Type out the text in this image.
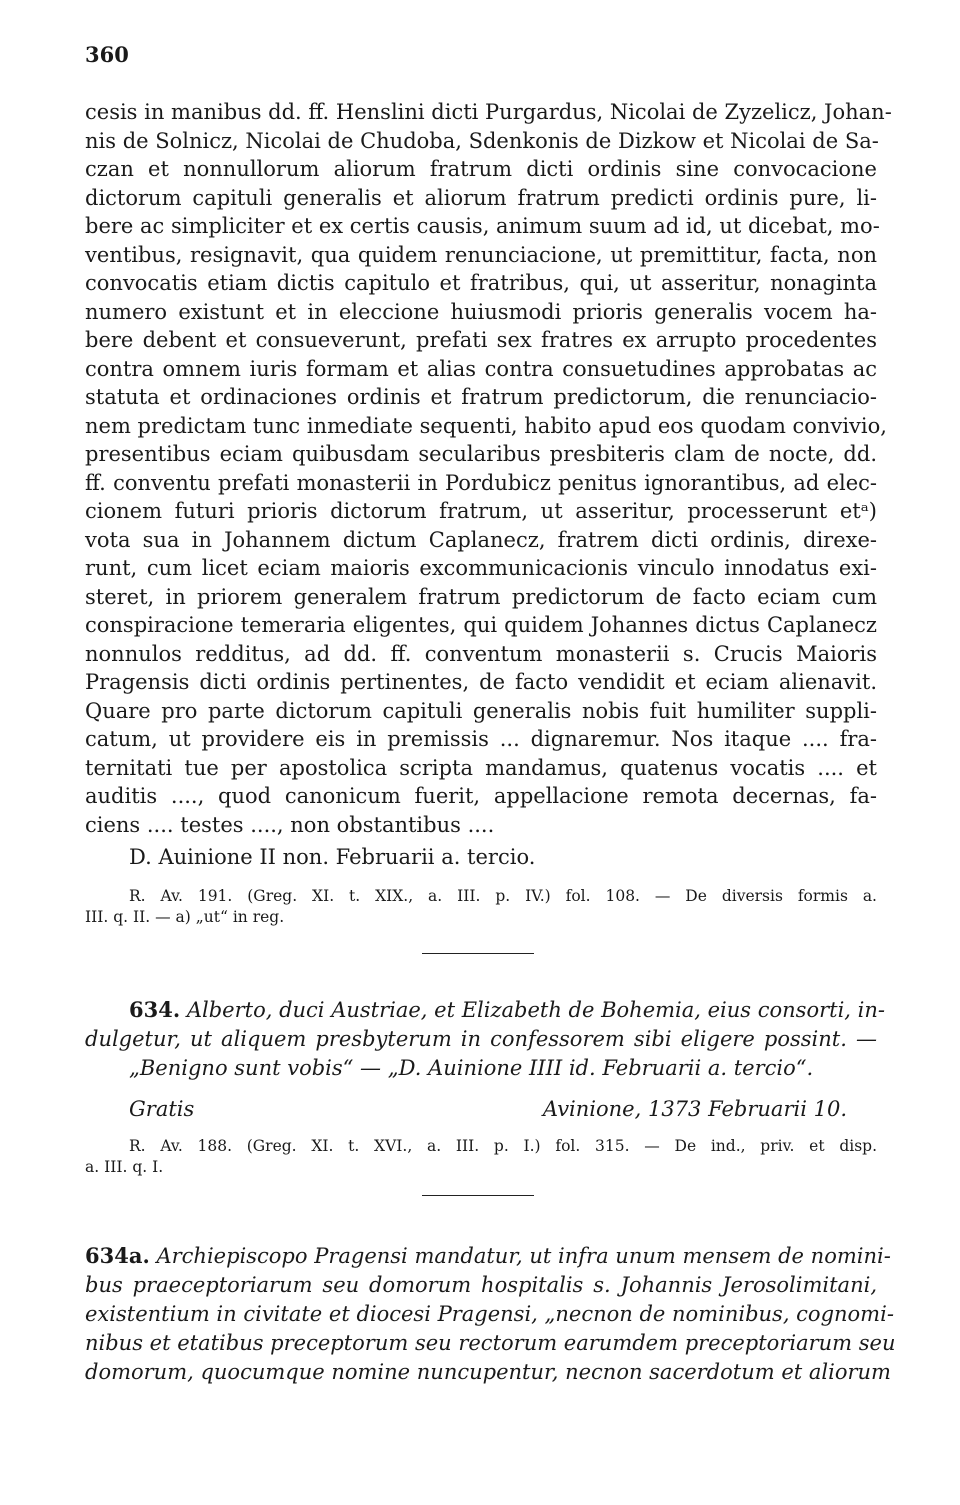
360
cesis in manibus dd. ff. Henslini dicti Purgardus, Nicolai de Zyzelicz, Johan-
nis de Solnicz, Nicolai de Chudoba, Sdenkonis de Dizkow et Nicolai de Sa-
czan et nonnullorum aliorum fratrum dicti ordinis sine convocacione
dictorum capituli generalis et aliorum fratrum predicti ordinis pure, li-
bere ac simpliciter et ex certis causis, animum suum ad id, ut dicebat, mo-
ventibus, resignavit, qua quidem renunciacione, ut premittitur, facta, non
convocatis etiam dictis capitulo et fratribus, qui, ut asseritur, nonaginta
numero existunt et in eleccione huiusmodi prioris generalis vocem ha-
bere debent et consueverunt, prefati sex fratres ex arrupto procedentes
contra omnem iuris formam et alias contra consuetudines approbatas ac
statuta et ordinaciones ordinis et fratrum predictorum, die renunciacio-
nem predictam tunc inmediate sequenti, habito apud eos quodam convivio,
presentibus eciam quibusdam secularibus presbiteris clam de nocte, dd.
ff. conventu prefati monasterii in Pordubicz penitus ignorantibus, ad elec-
cionem futuri prioris dictorum fratrum, ut asseritur, processerunt etᵃ)
vota sua in Johannem dictum Caplanecz, fratrem dicti ordinis, direxe-
runt, cum licet eciam maioris excommunicacionis vinculo innodatus exi-
steret, in priorem generalem fratrum predictorum de facto eciam cum
conspiracione temeraria eligentes, qui quidem Johannes dictus Caplanecz
nonnulos redditus, ad dd. ff. conventum monasterii s. Crucis Maioris
Pragensis dicti ordinis pertinentes, de facto vendidit et eciam alienavit.
Quare pro parte dictorum capituli generalis nobis fuit humiliter suppli-
catum, ut providere eis in premissis ... dignaremur. Nos itaque .... fra-
ternitati tue per apostolica scripta mandamus, quatenus vocatis .... et
auditis ...., quod canonicum fuerit, appellacione remota decernas, fa-
ciens .... testes ...., non obstantibus ....
D. Auinione II non. Februarii a. tercio.
R. Av. 191. (Greg. XI. t. XIX., a. III. p. IV.) fol. 108. — De diversis formis a.
III. q. II. — a) „ut“ in reg.
634. Alberto, duci Austriae, et Elizabeth de Bohemia, eius consorti, in-
dulgetur, ut aliquem presbyterum in confessorem sibi eligere possint. —
„Benigno sunt vobis“ — „D. Auinione IIII id. Februarii a. tercio“.
Gratis	Avinione, 1373 Februarii 10.
R. Av. 188. (Greg. XI. t. XVI., a. III. p. I.) fol. 315. — De ind., priv. et disp.
a. III. q. I.
634a. Archiepiscopo Pragensi mandatur, ut infra unum mensem de nomini-
bus praeceptoriarum seu domorum hospitalis s. Johannis Jerosolimitani,
existentium in civitate et diocesi Pragensi, „necnon de nominibus, cognomi-
nibus et etatibus preceptorum seu rectorum earumdem preceptoriarum seu
domorum, quocumque nomine nuncupentur, necnon sacerdotum et aliorum
